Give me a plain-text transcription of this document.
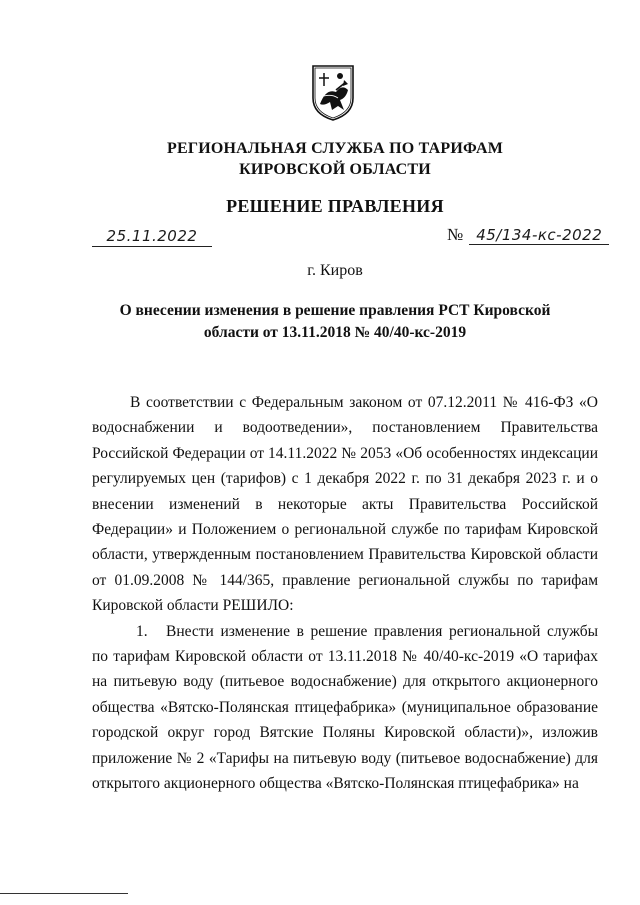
РЕГИОНАЛЬНАЯ СЛУЖБА ПО ТАРИФАМ
КИРОВСКОЙ ОБЛАСТИ
РЕШЕНИЕ ПРАВЛЕНИЯ
25.11.2022	№ 45/134-кс-2022
г. Киров
О внесении изменения в решение правления РСТ Кировской
области от 13.11.2018 № 40/40-кс-2019

В соответствии с Федеральным законом от 07.12.2011 № 416-ФЗ «О водоснабжении и водоотведении», постановлением Правительства Российской Федерации от 14.11.2022 № 2053 «Об особенностях индексации регулируемых цен (тарифов) с 1 декабря 2022 г. по 31 декабря 2023 г. и о внесении изменений в некоторые акты Правительства Российской Федерации» и Положением о региональной службе по тарифам Кировской области, утвержденным постановлением Правительства Кировской области от 01.09.2008 № 144/365, правление региональной службы по тарифам Кировской области РЕШИЛО:

1. Внести изменение в решение правления региональной службы по тарифам Кировской области от 13.11.2018 № 40/40-кс-2019 «О тарифах на питьевую воду (питьевое водоснабжение) для открытого акционерного общества «Вятско-Полянская птицефабрика» (муниципальное образование городской округ город Вятские Поляны Кировской области)», изложив приложение № 2 «Тарифы на питьевую воду (питьевое водоснабжение) для открытого акционерного общества «Вятско-Полянская птицефабрика» на
